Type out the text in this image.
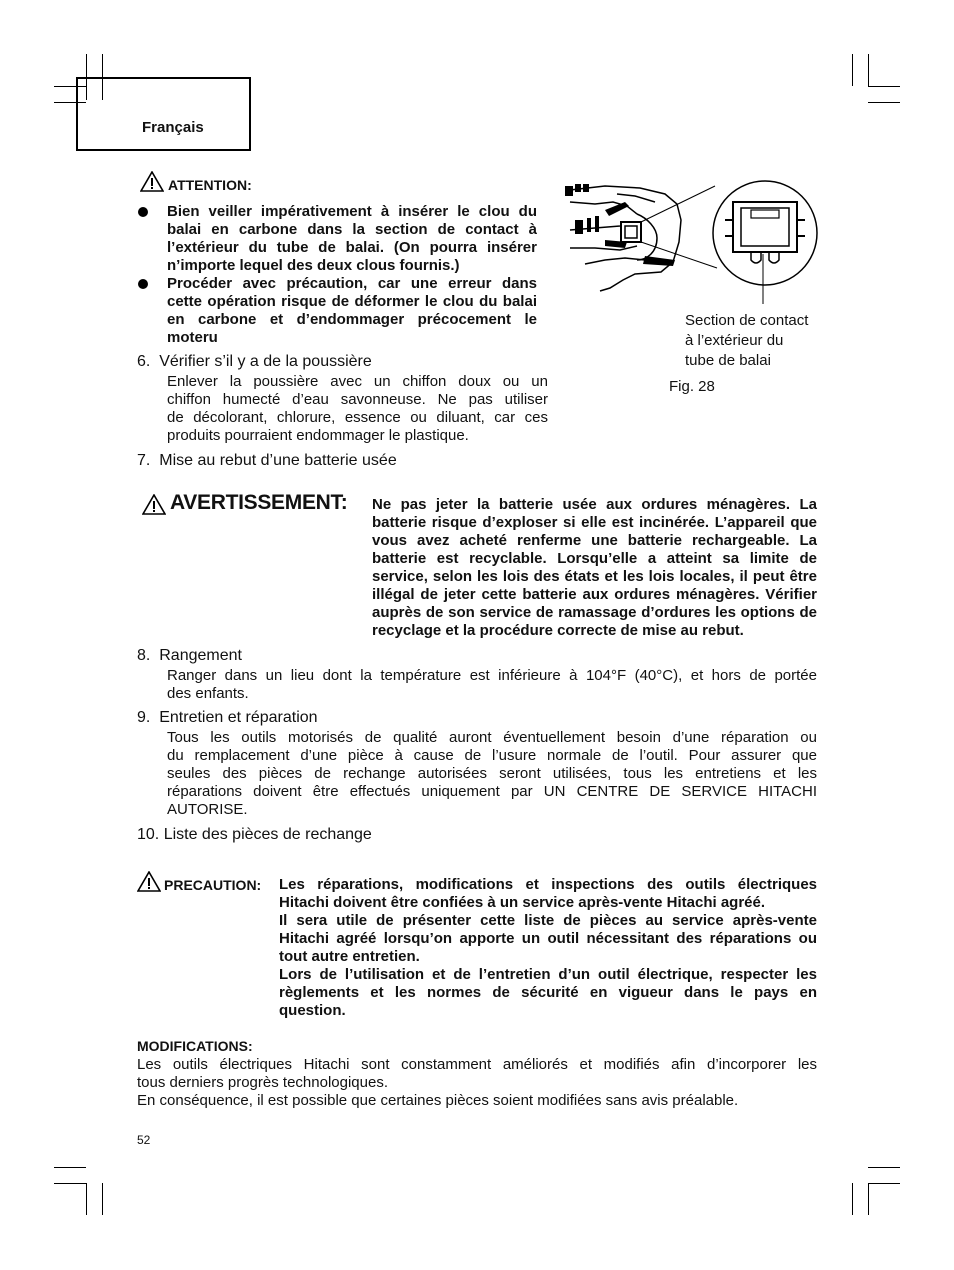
Français
ATTENTION:
Bien veiller impérativement à insérer le clou du
balai en carbone dans la section de contact à
l’extérieur du tube de balai. (On pourra insérer
n’importe lequel des deux clous fournis.)
Procéder avec précaution, car une erreur dans
cette opération risque de déformer le clou du balai
en carbone et d’endommager précocement le
moteru
Section de contact
à l’extérieur du
tube de balai
Fig. 28
6.  Vérifier s’il y a de la poussière
Enlever la poussière avec un chiffon doux ou un
chiffon humecté d’eau savonneuse. Ne pas utiliser
de décolorant, chlorure, essence ou diluant, car ces
produits pourraient endommager le plastique.
7.  Mise au rebut d’une batterie usée
AVERTISSEMENT: Ne pas jeter la batterie usée aux ordures ménagères. La
batterie risque d’exploser si elle est incinérée. L’appareil que
vous avez acheté renferme une batterie rechargeable. La
batterie est recyclable. Lorsqu’elle a atteint sa limite de
service, selon les lois des états et les lois locales, il peut être
illégal de jeter cette batterie aux ordures ménagères. Vérifier
auprès de son service de ramassage d’ordures les options de
recyclage et la procédure correcte de mise au rebut.
8.  Rangement
Ranger dans un lieu dont la température est inférieure à 104°F (40°C), et hors de portée
des enfants.
9.  Entretien et réparation
Tous les outils motorisés de qualité auront éventuellement besoin d’une réparation ou
du remplacement d’une pièce à cause de l’usure normale de l’outil. Pour assurer que
seules des pièces de rechange autorisées seront utilisées, tous les entretiens et les
réparations doivent être effectués uniquement par UN CENTRE DE SERVICE HITACHI
AUTORISE.
10. Liste des pièces de rechange
PRECAUTION: Les réparations, modifications et inspections des outils électriques
Hitachi doivent être confiées à un service après-vente Hitachi agréé.
Il sera utile de présenter cette liste de pièces au service après-vente
Hitachi agréé lorsqu’on apporte un outil nécessitant des réparations ou
tout autre entretien.
Lors de l’utilisation et de l’entretien d’un outil électrique, respecter les
règlements et les normes de sécurité en vigueur dans le pays en
question.
MODIFICATIONS:
Les outils électriques Hitachi sont constamment améliorés et modifiés afin d’incorporer les
tous derniers progrès technologiques.
En conséquence, il est possible que certaines pièces soient modifiées sans avis préalable.
52
